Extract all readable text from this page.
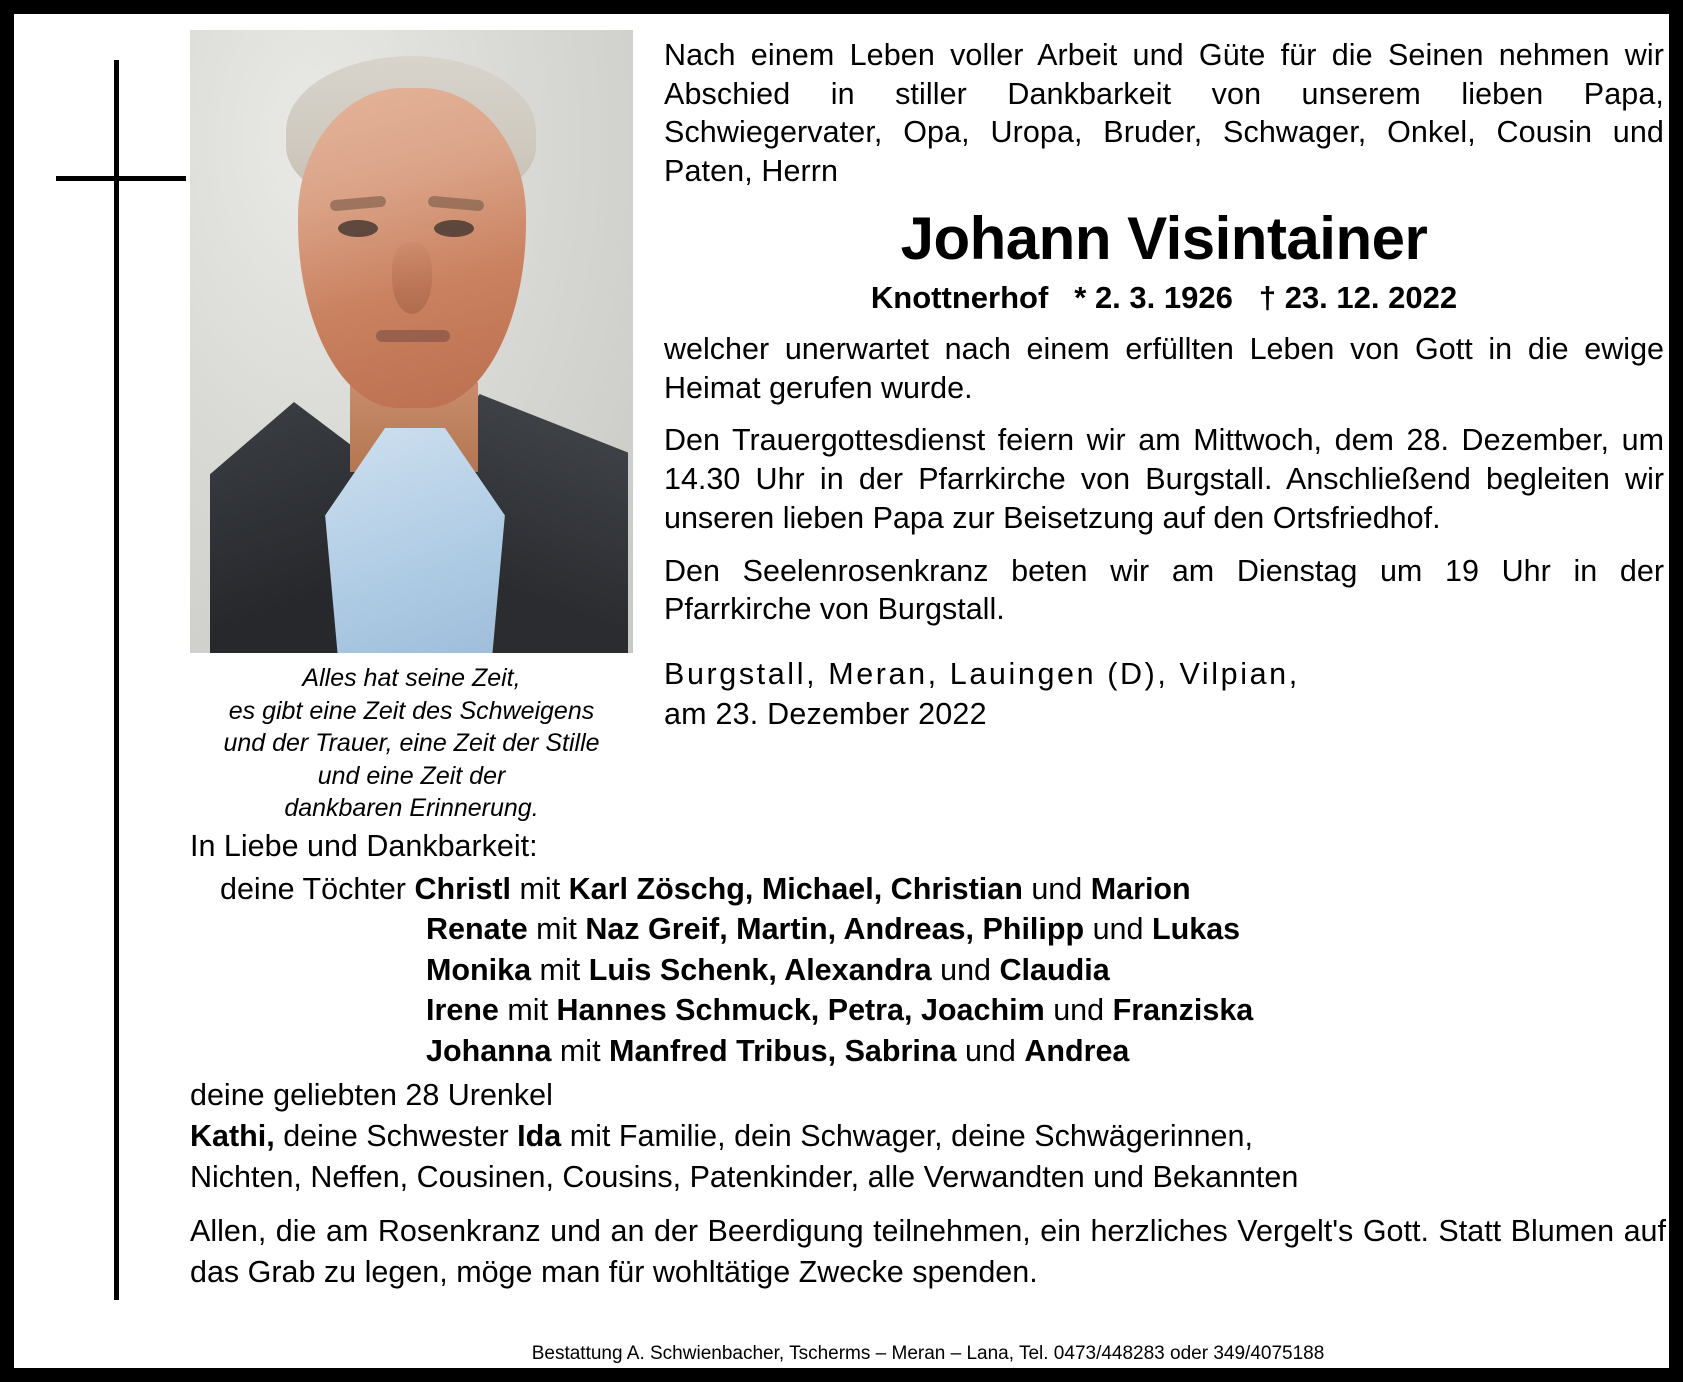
Alles hat seine Zeit,
es gibt eine Zeit des Schweigens
und der Trauer, eine Zeit der Stille
und eine Zeit der
dankbaren Erinnerung.
Nach einem Leben voller Arbeit und Güte für die Seinen nehmen wir Abschied in stiller Dankbarkeit von unserem lieben Papa, Schwiegervater, Opa, Uropa, Bruder, Schwager, Onkel, Cousin und Paten, Herrn
Johann Visintainer
Knottnerhof * 2. 3. 1926 † 23. 12. 2022
welcher unerwartet nach einem erfüllten Leben von Gott in die ewige Heimat gerufen wurde.
Den Trauergottesdienst feiern wir am Mittwoch, dem 28. Dezember, um 14.30 Uhr in der Pfarrkirche von Burgstall. Anschließend begleiten wir unseren lieben Papa zur Beisetzung auf den Ortsfriedhof.
Den Seelenrosenkranz beten wir am Dienstag um 19 Uhr in der Pfarrkirche von Burgstall.
Burgstall, Meran, Lauingen (D), Vilpian,
am 23. Dezember 2022
In Liebe und Dankbarkeit:
deine Töchter Christl mit Karl Zöschg, Michael, Christian und Marion
Renate mit Naz Greif, Martin, Andreas, Philipp und Lukas
Monika mit Luis Schenk, Alexandra und Claudia
Irene mit Hannes Schmuck, Petra, Joachim und Franziska
Johanna mit Manfred Tribus, Sabrina und Andrea
deine geliebten 28 Urenkel
Kathi, deine Schwester Ida mit Familie, dein Schwager, deine Schwägerinnen,
Nichten, Neffen, Cousinen, Cousins, Patenkinder, alle Verwandten und Bekannten
Allen, die am Rosenkranz und an der Beerdigung teilnehmen, ein herzliches Vergelt's Gott. Statt Blumen auf das Grab zu legen, möge man für wohltätige Zwecke spenden.
Bestattung A. Schwienbacher, Tscherms – Meran – Lana, Tel. 0473/448283 oder 349/4075188
